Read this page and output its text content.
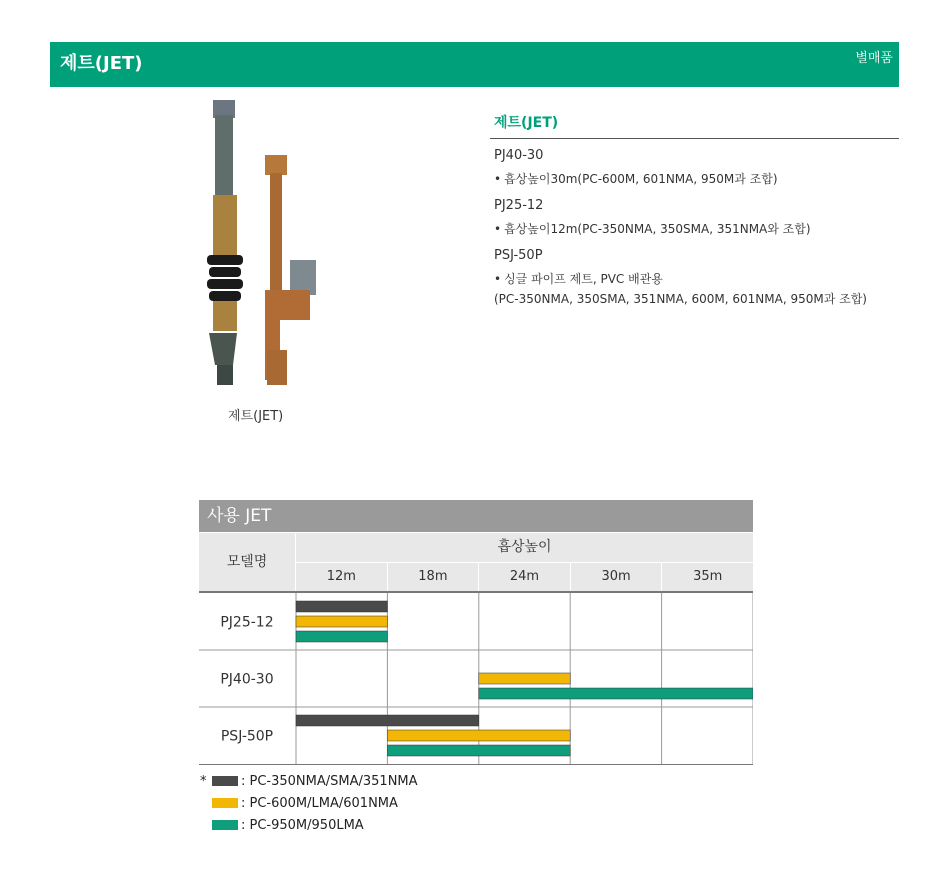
제트(JET)	별매품
제트(JET)
제트(JET)
PJ40-30
• 흡상높이30m(PC-600M, 601NMA, 950M과 조합)
PJ25-12
• 흡상높이12m(PC-350NMA, 350SMA, 351NMA와 조합)
PSJ-50P
• 싱글 파이프 제트, PVC 배관용
(PC-350NMA, 350SMA, 351NMA, 600M, 601NMA, 950M과 조합)
사용 JET
모델명
흡상높이
12m	18m	24m	30m	35m
PJ25-12
PJ40-30
PSJ-50P
*	: PC-350NMA/SMA/351NMA
: PC-600M/LMA/601NMA
: PC-950M/950LMA
